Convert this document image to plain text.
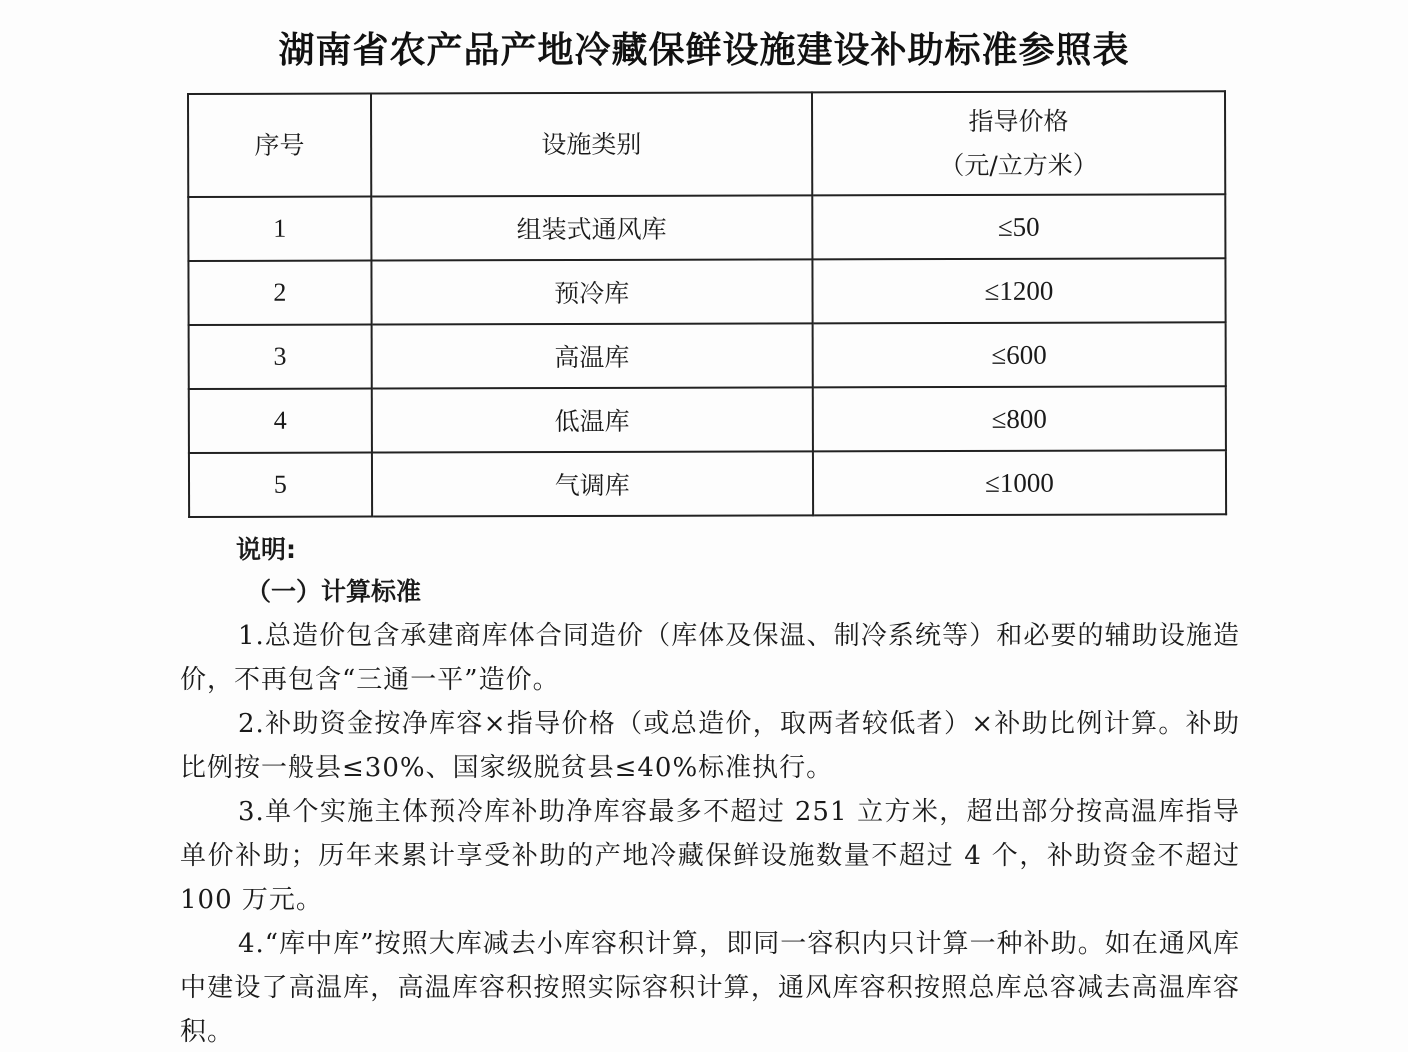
湖南省农产品产地冷藏保鲜设施建设补助标准参照表
序号	设施类别	指导价格
（元/立方米）

1	组装式通风库	≤50
2	预冷库	≤1200
3	高温库	≤600
4	低温库	≤800
5	气调库	≤1000
说明:
（一）计算标准
1.总造价包含承建商库体合同造价（库体及保温、制冷系统等）和必要的辅助设施造价，不再包含“三通一平”造价。
2.补助资金按净库容×指导价格（或总造价，取两者较低者）×补助比例计算。补助比例按一般县≤30%、国家级脱贫县≤40%标准执行。
3.单个实施主体预冷库补助净库容最多不超过 251 立方米，超出部分按高温库指导单价补助；历年来累计享受补助的产地冷藏保鲜设施数量不超过 4 个，补助资金不超过 100 万元。
4.“库中库”按照大库减去小库容积计算，即同一容积内只计算一种补助。如在通风库中建设了高温库，高温库容积按照实际容积计算，通风库容积按照总库总容减去高温库容积。
